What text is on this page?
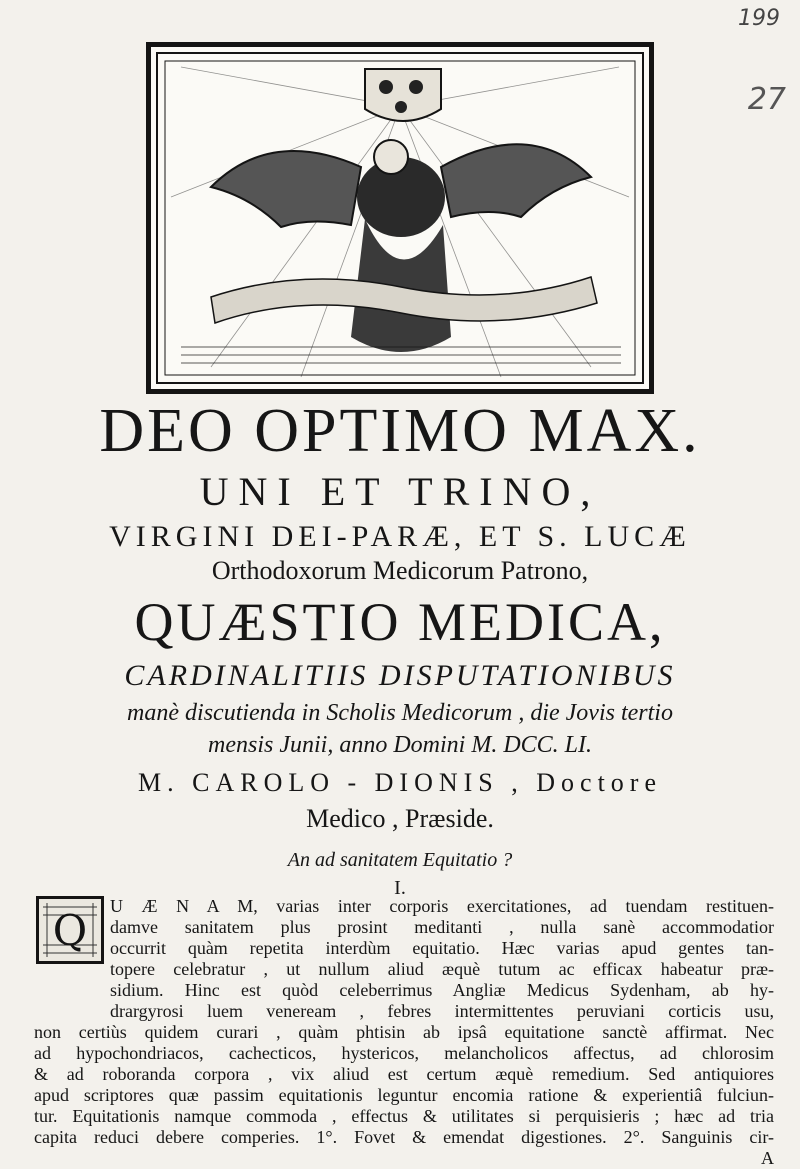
199
27
DEO OPTIMO MAX.
UNI ET TRINO,
VIRGINI DEI-PARÆ, ET S. LUCÆ
Orthodoxorum Medicorum Patrono,
QUÆSTIO MEDICA,
CARDINALITIIS DISPUTATIONIBUS
manè discutienda in Scholis Medicorum , die Jovis tertio
mensis Junii, anno Domini M. DCC. LI.
M. CAROLO - DIONIS , Doctore
Medico , Præside.
An ad sanitatem Equitatio ?
I.
Q	U Æ N A M, varias inter corporis exercitationes, ad tuendam restituen-
damve sanitatem plus prosint meditanti , nulla sanè accommodatior
occurrit quàm repetita interdùm equitatio. Hæc varias apud gentes tan-
topere celebratur , ut nullum aliud æquè tutum ac efficax habeatur præ-
sidium. Hinc est quòd celeberrimus Angliæ Medicus Sydenham, ab hy-
drargyrosi luem veneream , febres intermittentes peruviani corticis usu,
non certiùs quidem curari , quàm phtisin ab ipsâ equitatione sanctè affirmat. Nec
ad hypochondriacos, cachecticos, hystericos, melancholicos affectus, ad chlorosim
& ad roboranda corpora , vix aliud est certum æquè remedium. Sed antiquiores
apud scriptores quæ passim equitationis leguntur encomia ratione & experientiâ fulciun-
tur. Equitationis namque commoda , effectus & utilitates si perquisieris ; hæc ad tria
capita reduci debere comperies. 1°. Fovet & emendat digestiones. 2°. Sanguinis cir-
A
